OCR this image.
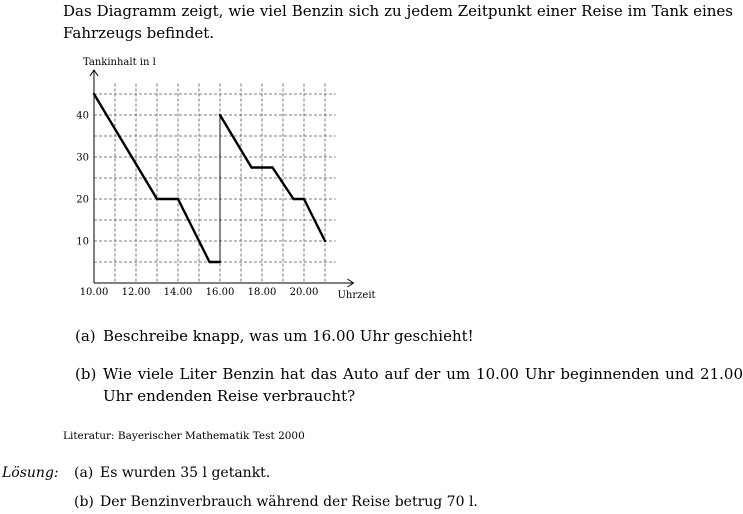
Das Diagramm zeigt, wie viel Benzin sich zu jedem Zeitpunkt einer Reise im Tank eines Fahrzeugs befindet.
Tankinhalt in l
Uhrzeit
10.00 12.00 14.00 16.00 18.00 20.00
10
20
30
40
(a) Beschreibe knapp, was um 16.00 Uhr geschieht!
(b) Wie viele Liter Benzin hat das Auto auf der um 10.00 Uhr beginnenden und 21.00 Uhr endenden Reise verbraucht?
Literatur: Bayerischer Mathematik Test 2000
Lösung: (a) Es wurden 35 l getankt.
(b) Der Benzinverbrauch während der Reise betrug 70 l.
